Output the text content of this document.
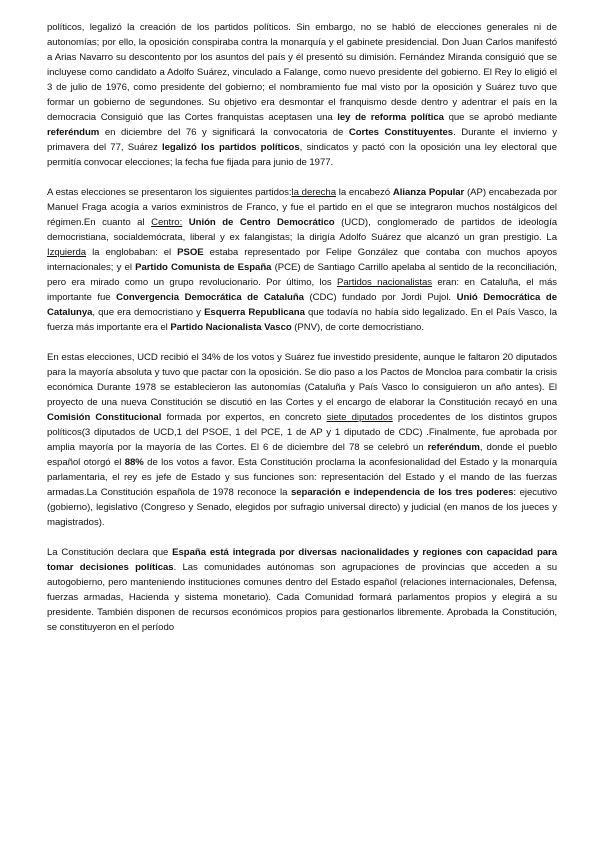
políticos, legalizó la creación de los partidos políticos. Sin embargo, no se habló de elecciones generales ni de autonomías; por ello, la oposición conspiraba contra la monarquía y el gabinete presidencial. Don Juan Carlos manifestó a Arias Navarro su descontento por los asuntos del país y él presentó su dimisión. Fernández Miranda consiguió que se incluyese como candidato a Adolfo Suárez, vinculado a Falange, como nuevo presidente del gobierno. El Rey lo eligió el 3 de julio de 1976, como presidente del gobierno; el nombramiento fue mal visto por la oposición y Suárez tuvo que formar un gobierno de segundones. Su objetivo era desmontar el franquismo desde dentro y adentrar el país en la democracia Consiguió que las Cortes franquistas aceptasen una ley de reforma política que se aprobó mediante referéndum en diciembre del 76 y significará la convocatoria de Cortes Constituyentes. Durante el invierno y primavera del 77, Suárez legalizó los partidos políticos, sindicatos y pactó con la oposición una ley electoral que permitía convocar elecciones; la fecha fue fijada para junio de 1977.

A estas elecciones se presentaron los siguientes partidos:la derecha la encabezó Alianza Popular (AP) encabezada por Manuel Fraga acogía a varios exministros de Franco, y fue el partido en el que se integraron muchos nostálgicos del régimen.En cuanto al Centro: Unión de Centro Democrático (UCD), conglomerado de partidos de ideología democristiana, socialdemócrata, liberal y ex falangistas; la dirigía Adolfo Suárez que alcanzó un gran prestigio. La Izquierda la englobaban: el PSOE estaba representado por Felipe González que contaba con muchos apoyos internacionales; y el Partido Comunista de España (PCE) de Santiago Carrillo apelaba al sentido de la reconciliación, pero era mirado como un grupo revolucionario. Por último, los Partidos nacionalistas eran: en Cataluña, el más importante fue Convergencia Democrática de Cataluña (CDC) fundado por Jordi Pujol. Unió Democrática de Catalunya, que era democristiano y Esquerra Republicana que todavía no había sido legalizado. En el País Vasco, la fuerza más importante era el Partido Nacionalista Vasco (PNV), de corte democristiano.

En estas elecciones, UCD recibió el 34% de los votos y Suárez fue investido presidente, aunque le faltaron 20 diputados para la mayoría absoluta y tuvo que pactar con la oposición. Se dio paso a los Pactos de Moncloa para combatir la crisis económica Durante 1978 se establecieron las autonomías (Cataluña y País Vasco lo consiguieron un año antes). El proyecto de una nueva Constitución se discutió en las Cortes y el encargo de elaborar la Constitución recayó en una Comisión Constitucional formada por expertos, en concreto siete diputados procedentes de los distintos grupos políticos(3 diputados de UCD,1 del PSOE, 1 del PCE, 1 de AP y 1 diputado de CDC) .Finalmente, fue aprobada por amplia mayoría por la mayoría de las Cortes. El 6 de diciembre del 78 se celebró un referéndum, donde el pueblo español otorgó el 88% de los votos a favor. Esta Constitución proclama la aconfesionalidad del Estado y la monarquía parlamentaria, el rey es jefe de Estado y sus funciones son: representación del Estado y el mando de las fuerzas armadas.La Constitución española de 1978 reconoce la separación e independencia de los tres poderes: ejecutivo (gobierno), legislativo (Congreso y Senado, elegidos por sufragio universal directo) y judicial (en manos de los jueces y magistrados).

La Constitución declara que España está integrada por diversas nacionalidades y regiones con capacidad para tomar decisiones políticas. Las comunidades autónomas son agrupaciones de provincias que acceden a su autogobierno, pero manteniendo instituciones comunes dentro del Estado español (relaciones internacionales, Defensa, fuerzas armadas, Hacienda y sistema monetario). Cada Comunidad formará parlamentos propios y elegirá a su presidente. También disponen de recursos económicos propios para gestionarlos libremente. Aprobada la Constitución, se constituyeron en el período
